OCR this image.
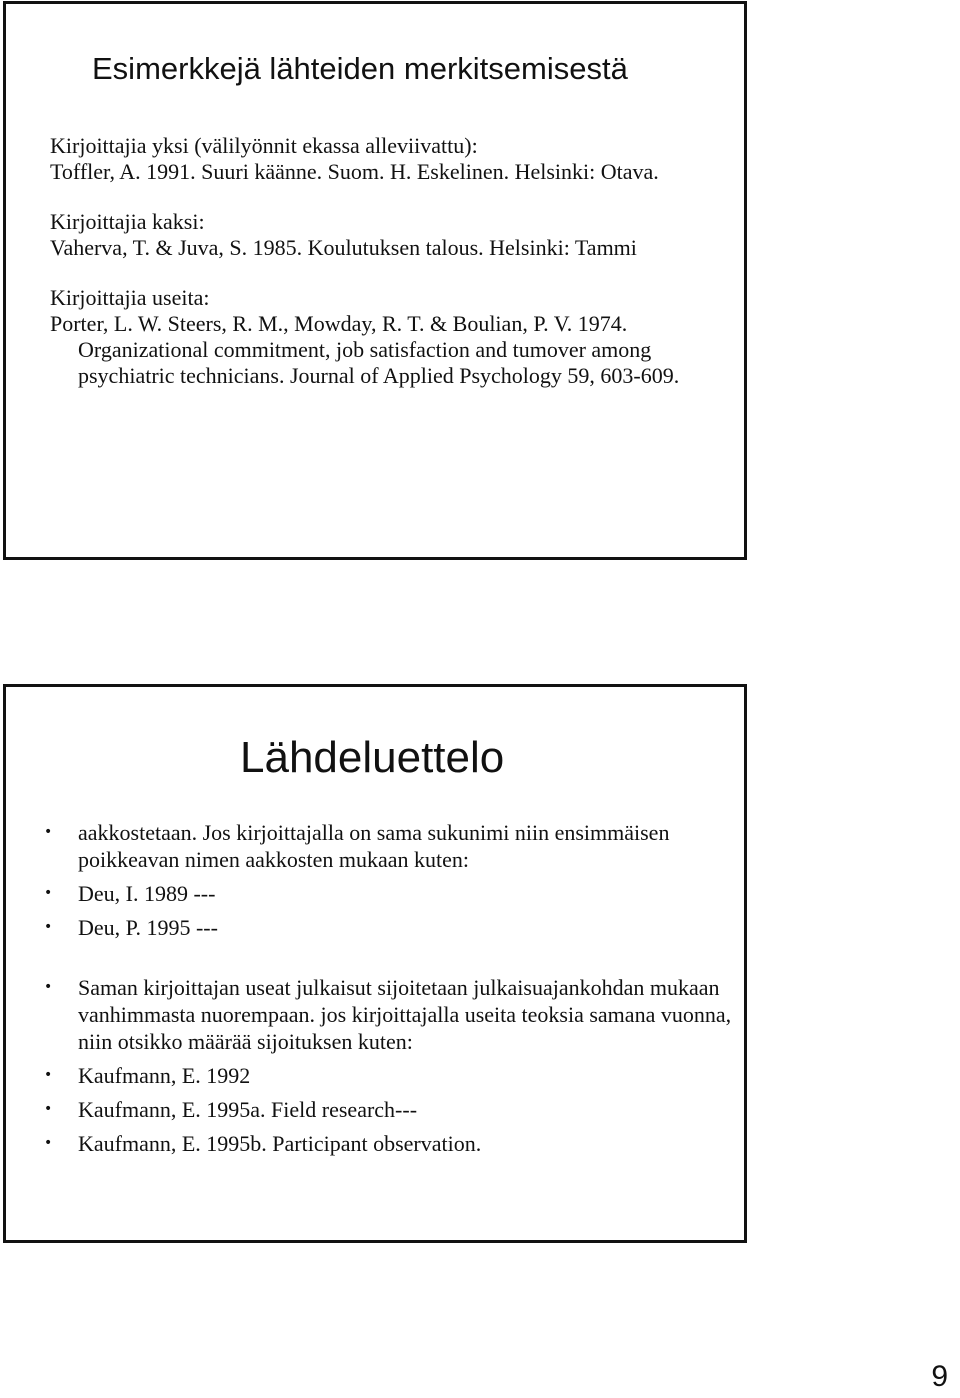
Esimerkkejä lähteiden merkitsemisestä
Kirjoittajia yksi (välilyönnit ekassa alleviivattu):
Toffler, A. 1991. Suuri käänne. Suom. H. Eskelinen. Helsinki: Otava.
Kirjoittajia kaksi:
Vaherva, T. & Juva, S. 1985. Koulutuksen talous. Helsinki: Tammi
Kirjoittajia useita:
Porter, L. W. Steers, R. M., Mowday, R. T. & Boulian, P. V. 1974. Organizational commitment, job satisfaction and tumover among psychiatric technicians. Journal of Applied Psychology 59, 603-609.
Lähdeluettelo
• aakkostetaan. Jos kirjoittajalla on sama sukunimi niin ensimmäisen poikkeavan nimen aakkosten mukaan kuten:
• Deu, I. 1989 ---
• Deu, P. 1995 ---
• Saman kirjoittajan useat julkaisut sijoitetaan julkaisuajankohdan mukaan vanhimmasta nuorempaan. jos kirjoittajalla useita teoksia samana vuonna, niin otsikko määrää sijoituksen kuten:
• Kaufmann, E. 1992
• Kaufmann, E. 1995a. Field research---
• Kaufmann, E. 1995b. Participant observation.
9
